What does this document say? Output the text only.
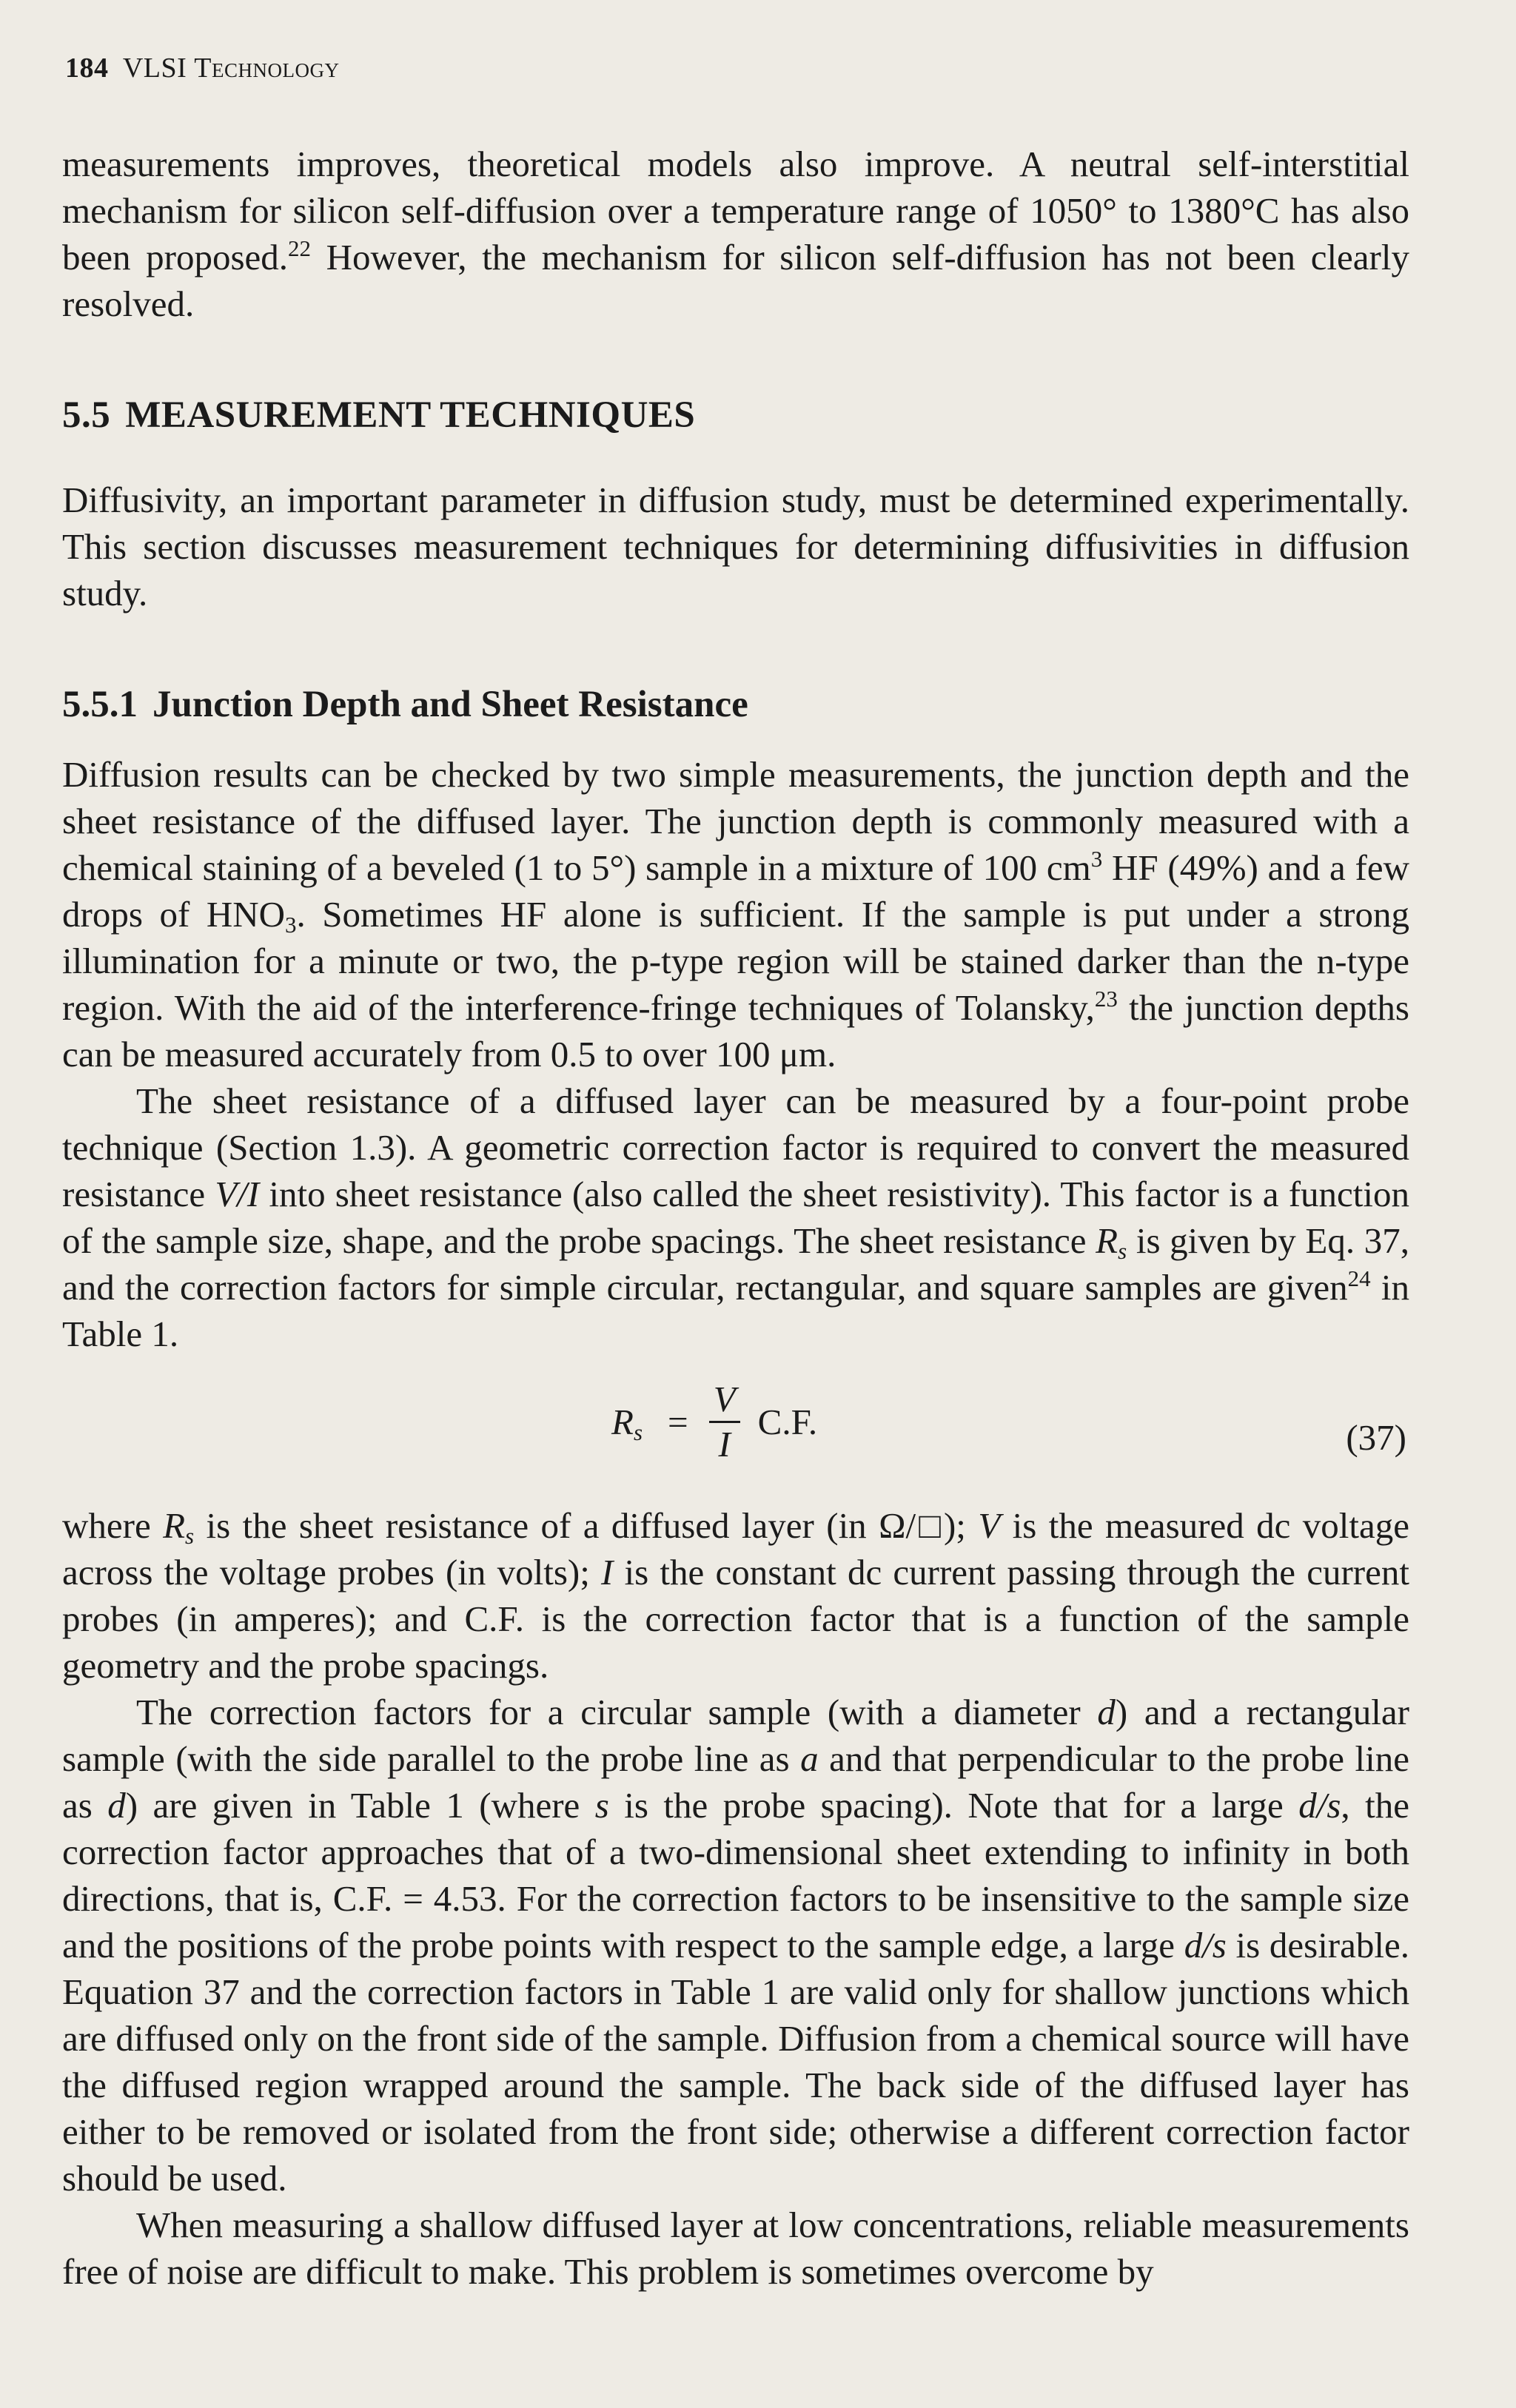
184 VLSI Technology

measurements improves, theoretical models also improve. A neutral self-interstitial mechanism for silicon self-diffusion over a temperature range of 1050° to 1380°C has also been proposed.$^{22}$ However, the mechanism for silicon self-diffusion has not been clearly resolved.

5.5 MEASUREMENT TECHNIQUES

Diffusivity, an important parameter in diffusion study, must be determined experimentally. This section discusses measurement techniques for determining diffusivities in diffusion study.

5.5.1 Junction Depth and Sheet Resistance

Diffusion results can be checked by two simple measurements, the junction depth and the sheet resistance of the diffused layer. The junction depth is commonly measured with a chemical staining of a beveled (1 to 5°) sample in a mixture of 100 $cm^3$ HF (49%) and a few drops of $HNO_3$. Sometimes HF alone is sufficient. If the sample is put under a strong illumination for a minute or two, the p-type region will be stained darker than the n-type region. With the aid of the interference-fringe techniques of Tolansky,$^{23}$ the junction depths can be measured accurately from 0.5 to over 100 μm.

The sheet resistance of a diffused layer can be measured by a four-point probe technique (Section 1.3). A geometric correction factor is required to convert the measured resistance V/I into sheet resistance (also called the sheet resistivity). This factor is a function of the sample size, shape, and the probe spacings. The sheet resistance $R_s$ is given by Eq. 37, and the correction factors for simple circular, rectangular, and square samples are given$^{24}$ in Table 1.

$R_s = \frac{V}{I} C.F$.	(37)

where $R_s$ is the sheet resistance of a diffused layer (in Ω/□); V is the measured dc voltage across the voltage probes (in volts); I is the constant dc current passing through the current probes (in amperes); and C.F. is the correction factor that is a function of the sample geometry and the probe spacings.

The correction factors for a circular sample (with a diameter d) and a rectangular sample (with the side parallel to the probe line as a and that perpendicular to the probe line as d) are given in Table 1 (where s is the probe spacing). Note that for a large d/s, the correction factor approaches that of a two-dimensional sheet extending to infinity in both directions, that is, C.F. = 4.53. For the correction factors to be insensitive to the sample size and the positions of the probe points with respect to the sample edge, a large d/s is desirable. Equation 37 and the correction factors in Table 1 are valid only for shallow junctions which are diffused only on the front side of the sample. Diffusion from a chemical source will have the diffused region wrapped around the sample. The back side of the diffused layer has either to be removed or isolated from the front side; otherwise a different correction factor should be used.

When measuring a shallow diffused layer at low concentrations, reliable measurements free of noise are difficult to make. This problem is sometimes overcome by
